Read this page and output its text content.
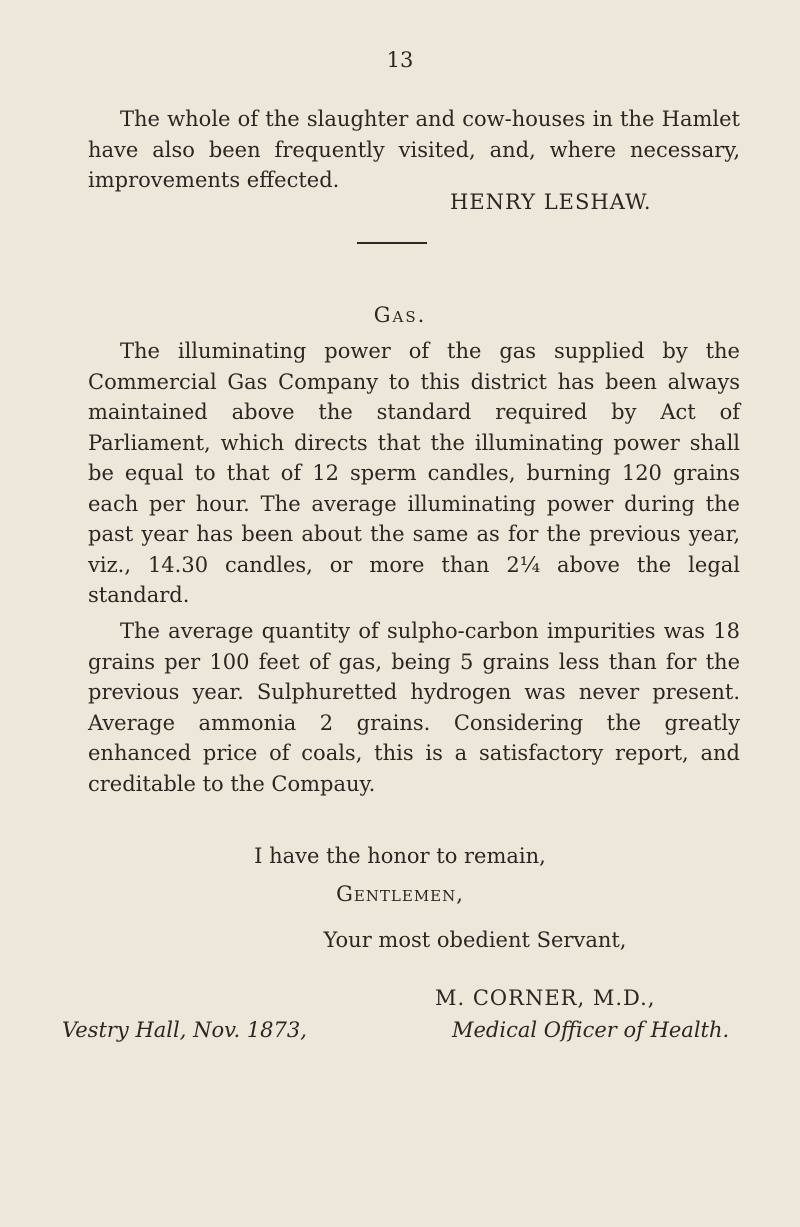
13

The whole of the slaughter and cow-houses in the Hamlet have also been frequently visited, and, where necessary, improvements effected.

HENRY LESHAW.
Gas.

The illuminating power of the gas supplied by the Commercial Gas Company to this district has been always maintained above the standard required by Act of Parliament, which directs that the illuminating power shall be equal to that of 12 sperm candles, burning 120 grains each per hour. The average illuminating power during the past year has been about the same as for the previous year, viz., 14.30 candles, or more than 2¼ above the legal standard.

The average quantity of sulpho-carbon impurities was 18 grains per 100 feet of gas, being 5 grains less than for the previous year. Sulphuretted hydrogen was never present. Average ammonia 2 grains. Considering the greatly enhanced price of coals, this is a satisfactory report, and creditable to the Compauy.

I have the honor to remain,
Gentlemen,
Your most obedient Servant,
M. CORNER, M.D.,
Vestry Hall, Nov. 1873,	Medical Officer of Health.
